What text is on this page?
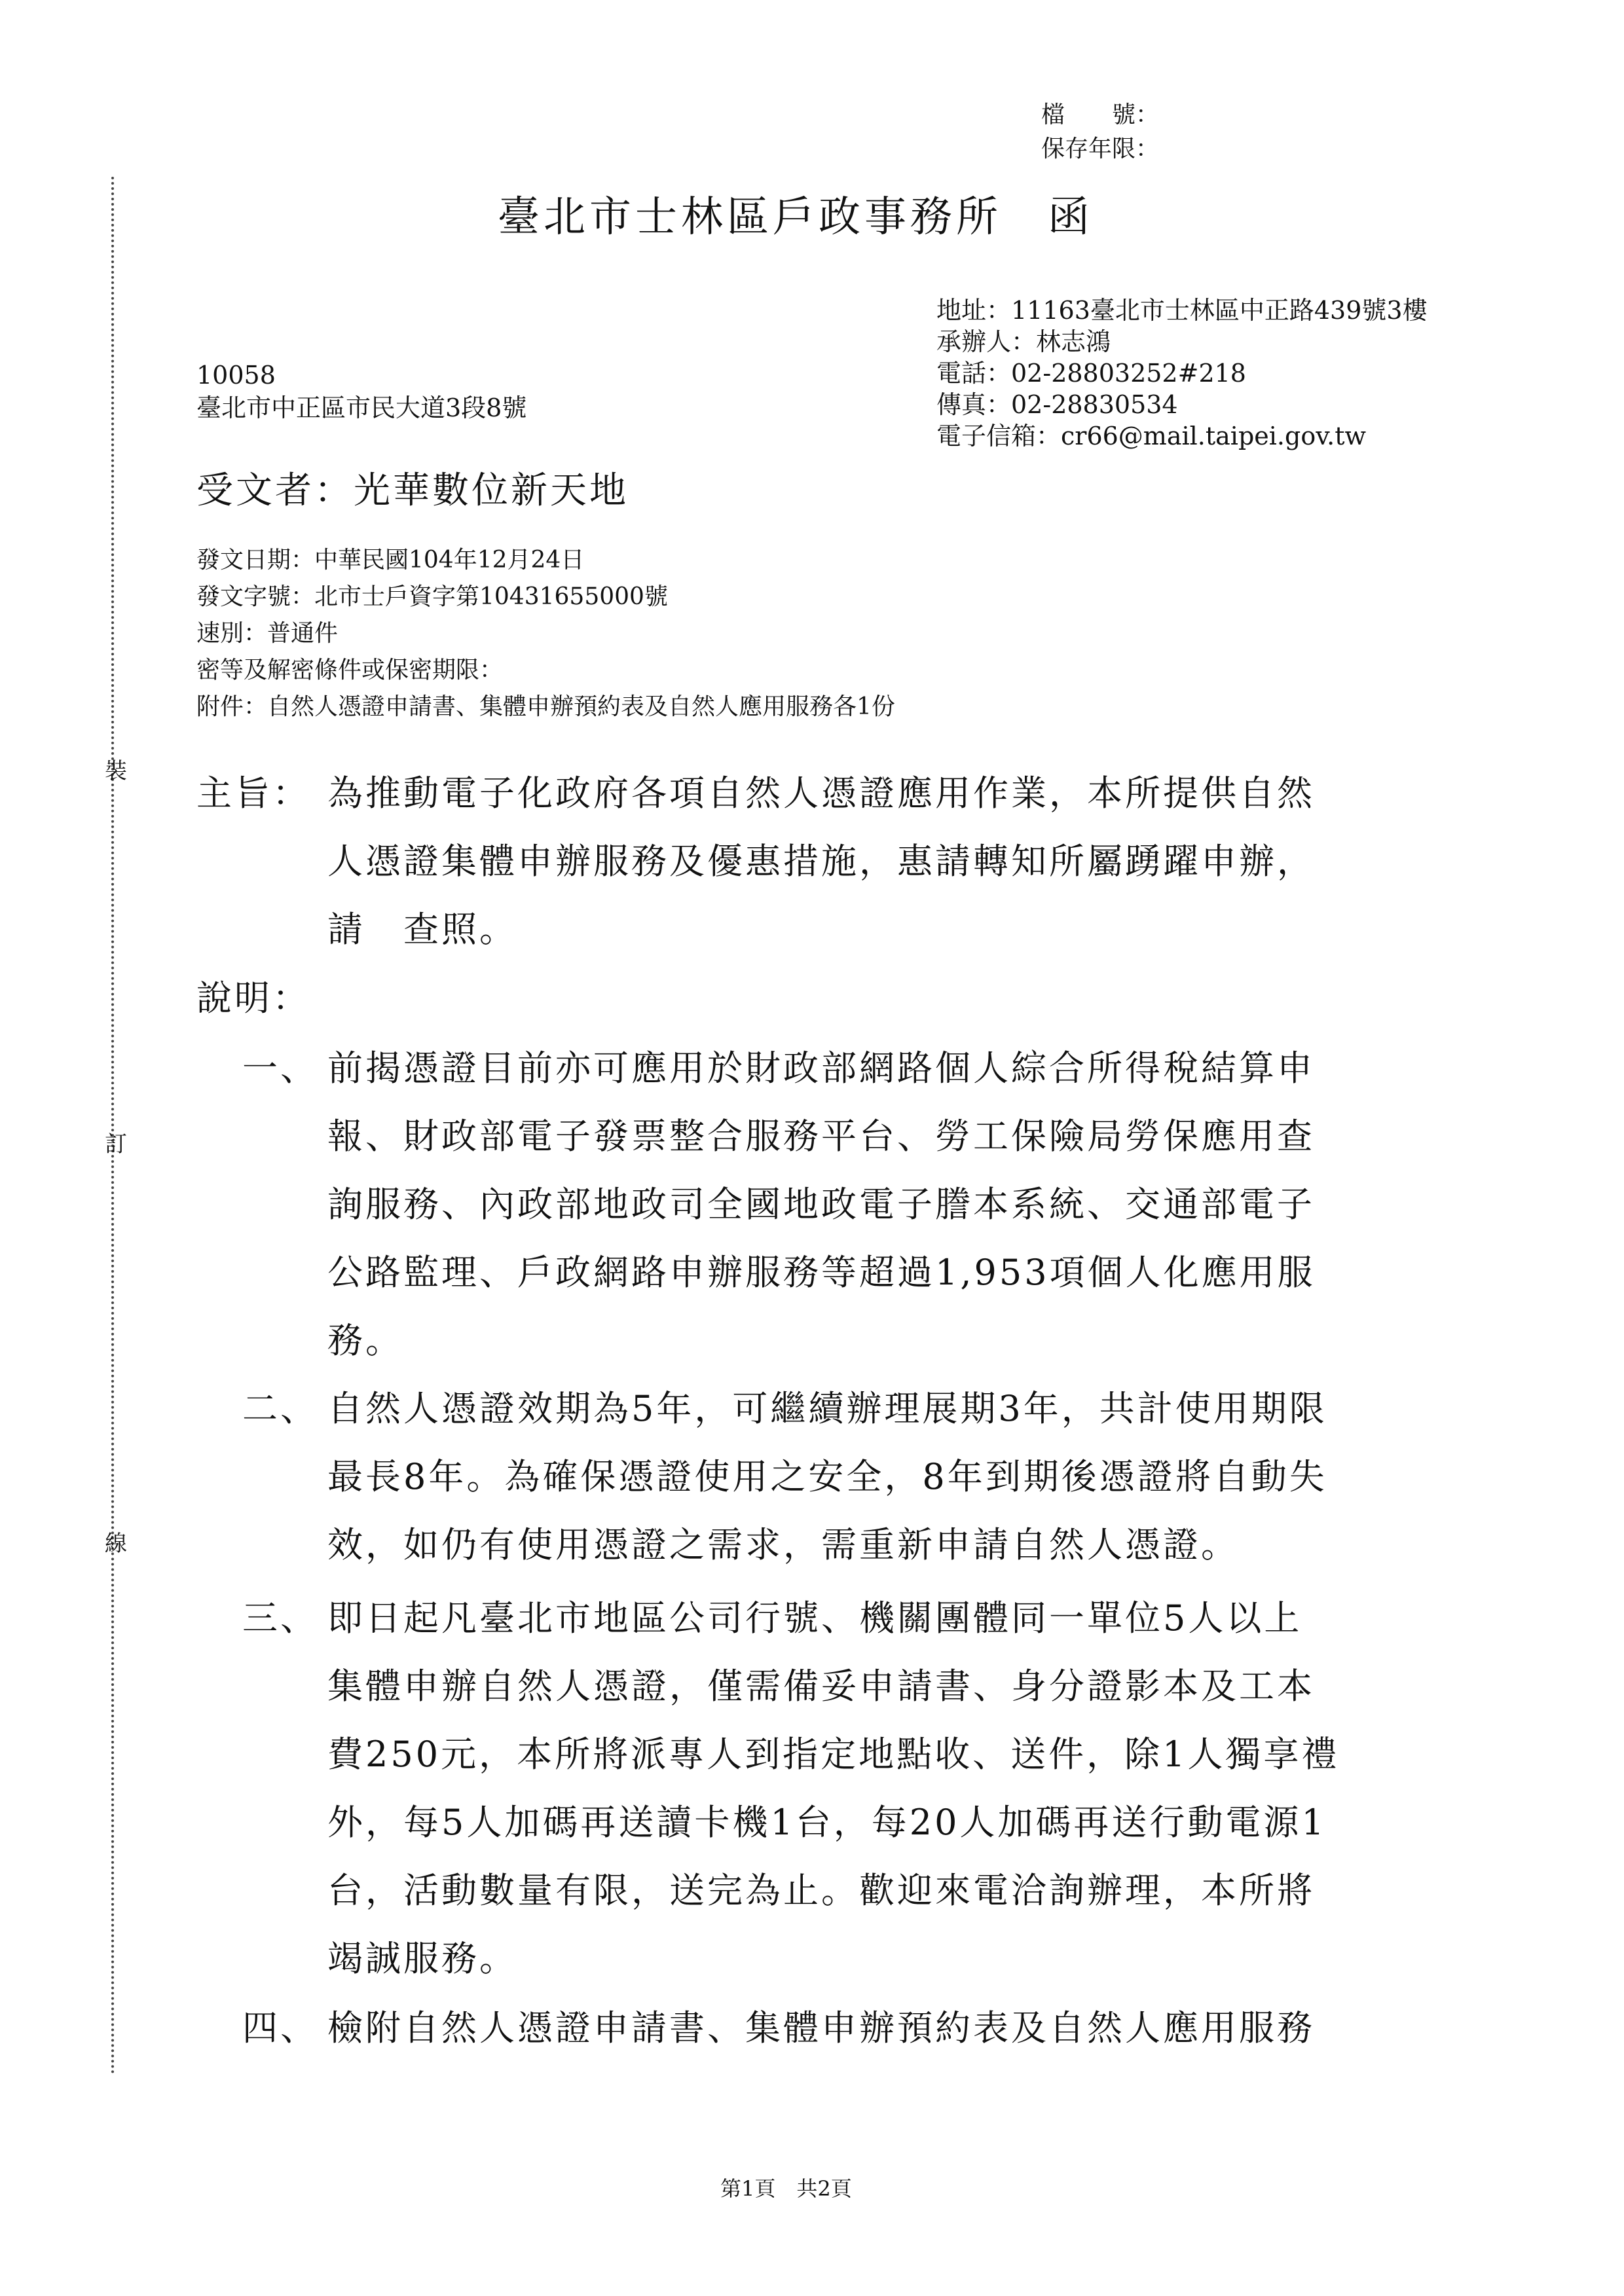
裝
訂
線
檔　　號：
保存年限：
臺北市士林區戶政事務所　函
地址：11163臺北市士林區中正路439號3樓
承辦人：林志鴻
電話：02-28803252#218
傳真：02-28830534
電子信箱：cr66@mail.taipei.gov.tw
10058
臺北市中正區市民大道3段8號
受文者：光華數位新天地
發文日期：中華民國104年12月24日
發文字號：北市士戶資字第10431655000號
速別：普通件
密等及解密條件或保密期限：
附件：自然人憑證申請書、集體申辦預約表及自然人應用服務各1份
主旨： 為推動電子化政府各項自然人憑證應用作業，本所提供自然
人憑證集體申辦服務及優惠措施，惠請轉知所屬踴躍申辦，
請　查照。
說明：
一、 前揭憑證目前亦可應用於財政部網路個人綜合所得稅結算申
報、財政部電子發票整合服務平台、勞工保險局勞保應用查
詢服務、內政部地政司全國地政電子謄本系統、交通部電子
公路監理、戶政網路申辦服務等超過1,953項個人化應用服
務。
二、 自然人憑證效期為5年，可繼續辦理展期3年，共計使用期限
最長8年。為確保憑證使用之安全，8年到期後憑證將自動失
效，如仍有使用憑證之需求，需重新申請自然人憑證。
三、 即日起凡臺北市地區公司行號、機關團體同一單位5人以上
集體申辦自然人憑證，僅需備妥申請書、身分證影本及工本
費250元，本所將派專人到指定地點收、送件，除1人獨享禮
外，每5人加碼再送讀卡機1台，每20人加碼再送行動電源1
台，活動數量有限，送完為止。歡迎來電洽詢辦理，本所將
竭誠服務。
四、 檢附自然人憑證申請書、集體申辦預約表及自然人應用服務
第1頁　共2頁
